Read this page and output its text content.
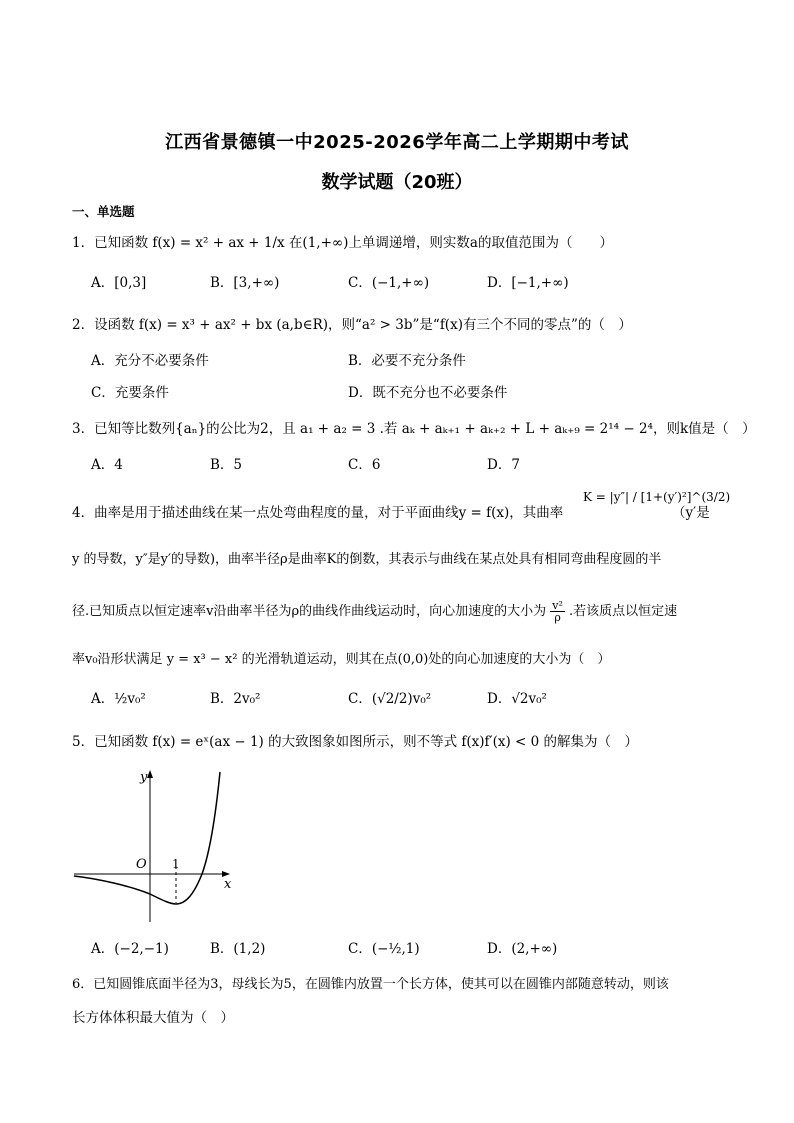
江西省景德镇一中2025-2026学年高二上学期期中考试
数学试题（20班）
一、单选题
1．已知函数 f(x) = x² + ax + 1/x 在(1,+∞)上单调递增，则实数a的取值范围为（　　）
A．[0,3]	B．[3,+∞)	C．(−1,+∞)	D．[−1,+∞)
2．设函数 f(x) = x³ + ax² + bx (a,b∈R)，则“a² > 3b”是“f(x)有三个不同的零点”的（　）
A．充分不必要条件	B．必要不充分条件
C．充要条件	D．既不充分也不必要条件
3．已知等比数列{aₙ}的公比为2，且 a₁ + a₂ = 3 .若 aₖ + aₖ₊₁ + aₖ₊₂ + L + aₖ₊₉ = 2¹⁴ − 2⁴，则k值是（　）
A．4	B．5	C．6	D．7
4．曲率是用于描述曲线在某一点处弯曲程度的量，对于平面曲线y = f(x)，其曲率
K = |y″| / [1+(y′)²]^(3/2)
（y′是
y 的导数，y″是y′的导数)，曲率半径ρ是曲率K的倒数，其表示与曲线在某点处具有相同弯曲程度圆的半
径.已知质点以恒定速率v沿曲率半径为ρ的曲线作曲线运动时，向心加速度的大小为 $\frac{\text{v²}}{\rho}$ .若该质点以恒定速
率v₀沿形状满足 y = x³ − x² 的光滑轨道运动，则其在点(0,0)处的向心加速度的大小为（　）
A．½v₀²	B．2v₀²	C．(√2/2)v₀²	D．√2v₀²
5．已知函数 f(x) = eˣ(ax − 1) 的大致图象如图所示，则不等式 f(x)f′(x) < 0 的解集为（　）
y
x
O 1
A．(−2,−1)	B．(1,2)	C．(−½,1)	D．(2,+∞)
6．已知圆锥底面半径为3，母线长为5，在圆锥内放置一个长方体，使其可以在圆锥内部随意转动，则该
长方体体积最大值为（　）
